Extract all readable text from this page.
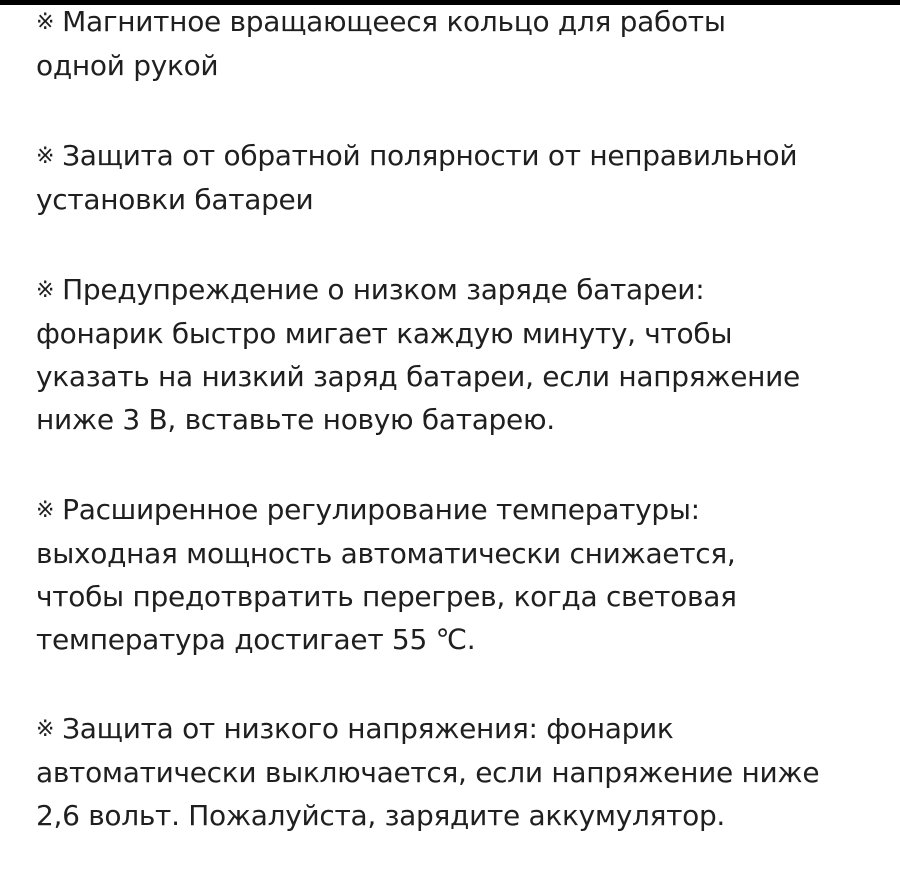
※ Магнитное вращающееся кольцо для работы
одной рукой

※ Защита от обратной полярности от неправильной
установки батареи

※ Предупреждение о низком заряде батареи:
фонарик быстро мигает каждую минуту, чтобы
указать на низкий заряд батареи, если напряжение
ниже 3 В, вставьте новую батарею.

※ Расширенное регулирование температуры:
выходная мощность автоматически снижается,
чтобы предотвратить перегрев, когда световая
температура достигает 55 ℃.

※ Защита от низкого напряжения: фонарик
автоматически выключается, если напряжение ниже
2,6 вольт. Пожалуйста, зарядите аккумулятор.
